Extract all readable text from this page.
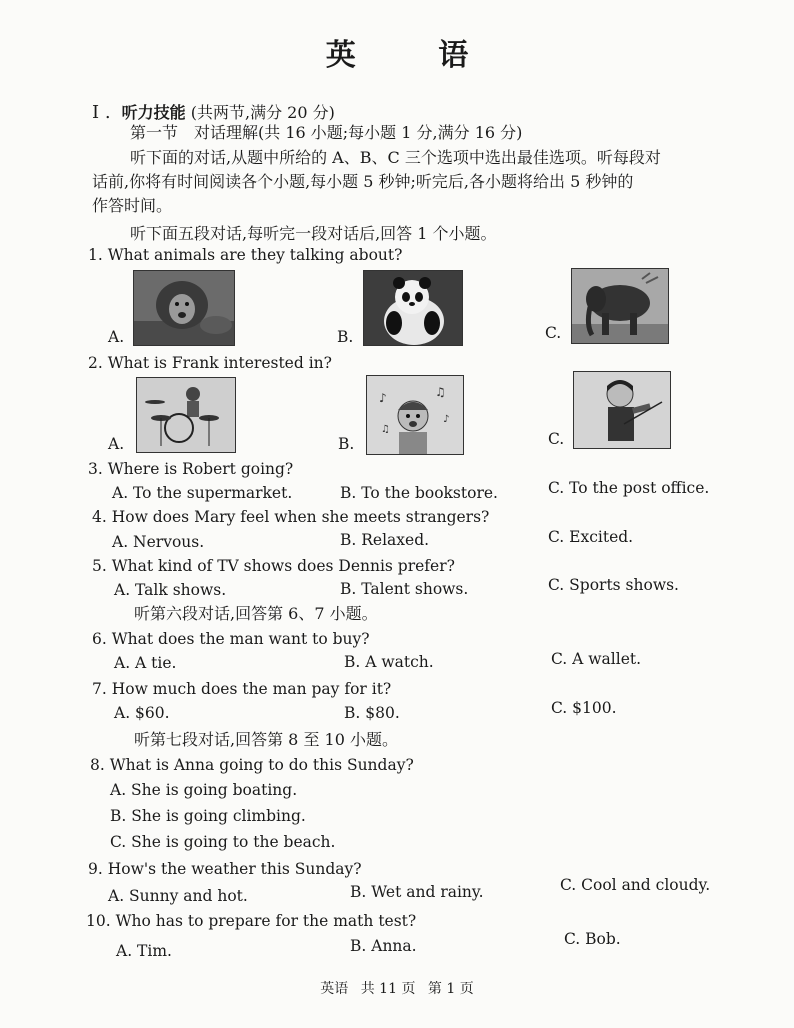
英 语
I . 听力技能 (共两节,满分 20 分)
第一节　对话理解(共 16 小题;每小题 1 分,满分 16 分)
听下面的对话,从题中所给的 A、B、C 三个选项中选出最佳选项。听每段对
话前,你将有时间阅读各个小题,每小题 5 秒钟;听完后,各小题将给出 5 秒钟的
作答时间。
听下面五段对话,每听完一段对话后,回答 1 个小题。
1. What animals are they talking about?
A.	B.	C.
2. What is Frank interested in?
A.	B.
♪	♫
♪
♫
C.
3. Where is Robert going?
A. To the supermarket.	B. To the bookstore.	C. To the post office.
4. How does Mary feel when she meets strangers?
A. Nervous.	B. Relaxed.	C. Excited.
5. What kind of TV shows does Dennis prefer?
A. Talk shows.	B. Talent shows.	C. Sports shows.
听第六段对话,回答第 6、7 小题。
6. What does the man want to buy?
A. A tie.	B. A watch.	C. A wallet.
7. How much does the man pay for it?
A. $60.	B. $80.	C. $100.
听第七段对话,回答第 8 至 10 小题。
8. What is Anna going to do this Sunday?
A. She is going boating.
B. She is going climbing.
C. She is going to the beach.
9. How's the weather this Sunday?
A. Sunny and hot.	B. Wet and rainy.	C. Cool and cloudy.
10. Who has to prepare for the math test?
A. Tim.	B. Anna.	C. Bob.
英语 共 11 页 第 1 页
